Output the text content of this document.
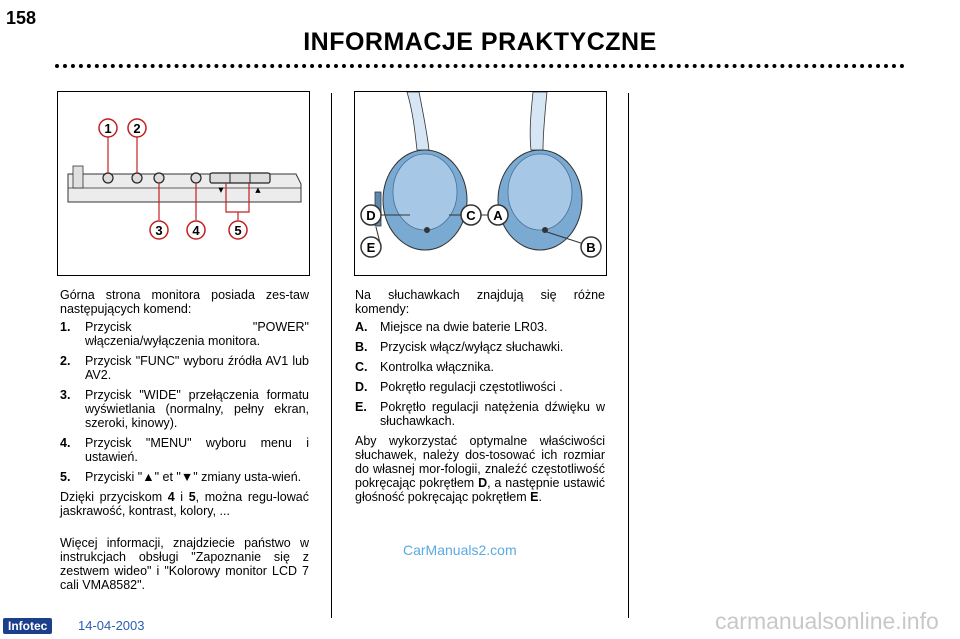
158
INFORMACJE PRAKTYCZNE
1 2
3 4	5
▼	▲
D	C A
E	B

Górna strona monitora posiada zes-taw następujących komend:

1.	Przycisk "POWER" włączenia/wyłączenia monitora.
2.	Przycisk "FUNC" wyboru źródła AV1 lub AV2.
3.	Przycisk "WIDE" przełączenia formatu wyświetlania (normalny, pełny ekran, szeroki, kinowy).
4.	Przycisk "MENU" wyboru menu i ustawień.
5.	Przyciski "▲" et "▼" zmiany usta-wień.

Dzięki przyciskom 4 i 5, można regu-lować jaskrawość, kontrast, kolory, ...

Więcej informacji, znajdziecie państwo w instrukcjach obsługi "Zapoznanie się z zestwem wideo" i "Kolorowy monitor LCD 7 cali VMA8582".

Na słuchawkach znajdują się różne komendy:

A.	Miejsce na dwie baterie LR03.
B.	Przycisk włącz/wyłącz słuchawki.
C.	Kontrolka włącznika.
D.	Pokrętło regulacji częstotliwości .
E.	Pokrętło regulacji natężenia dźwięku w słuchawkach.

Aby wykorzystać optymalne właściwości słuchawek, należy dos-tosować ich rozmiar do własnej mor-fologii, znaleźć częstotliwość pokręcając pokrętłem D, a następnie ustawić głośność pokręcając pokrętłem E.

CarManuals2.com
Infotec	14-04-2003	carmanualsonline.info
